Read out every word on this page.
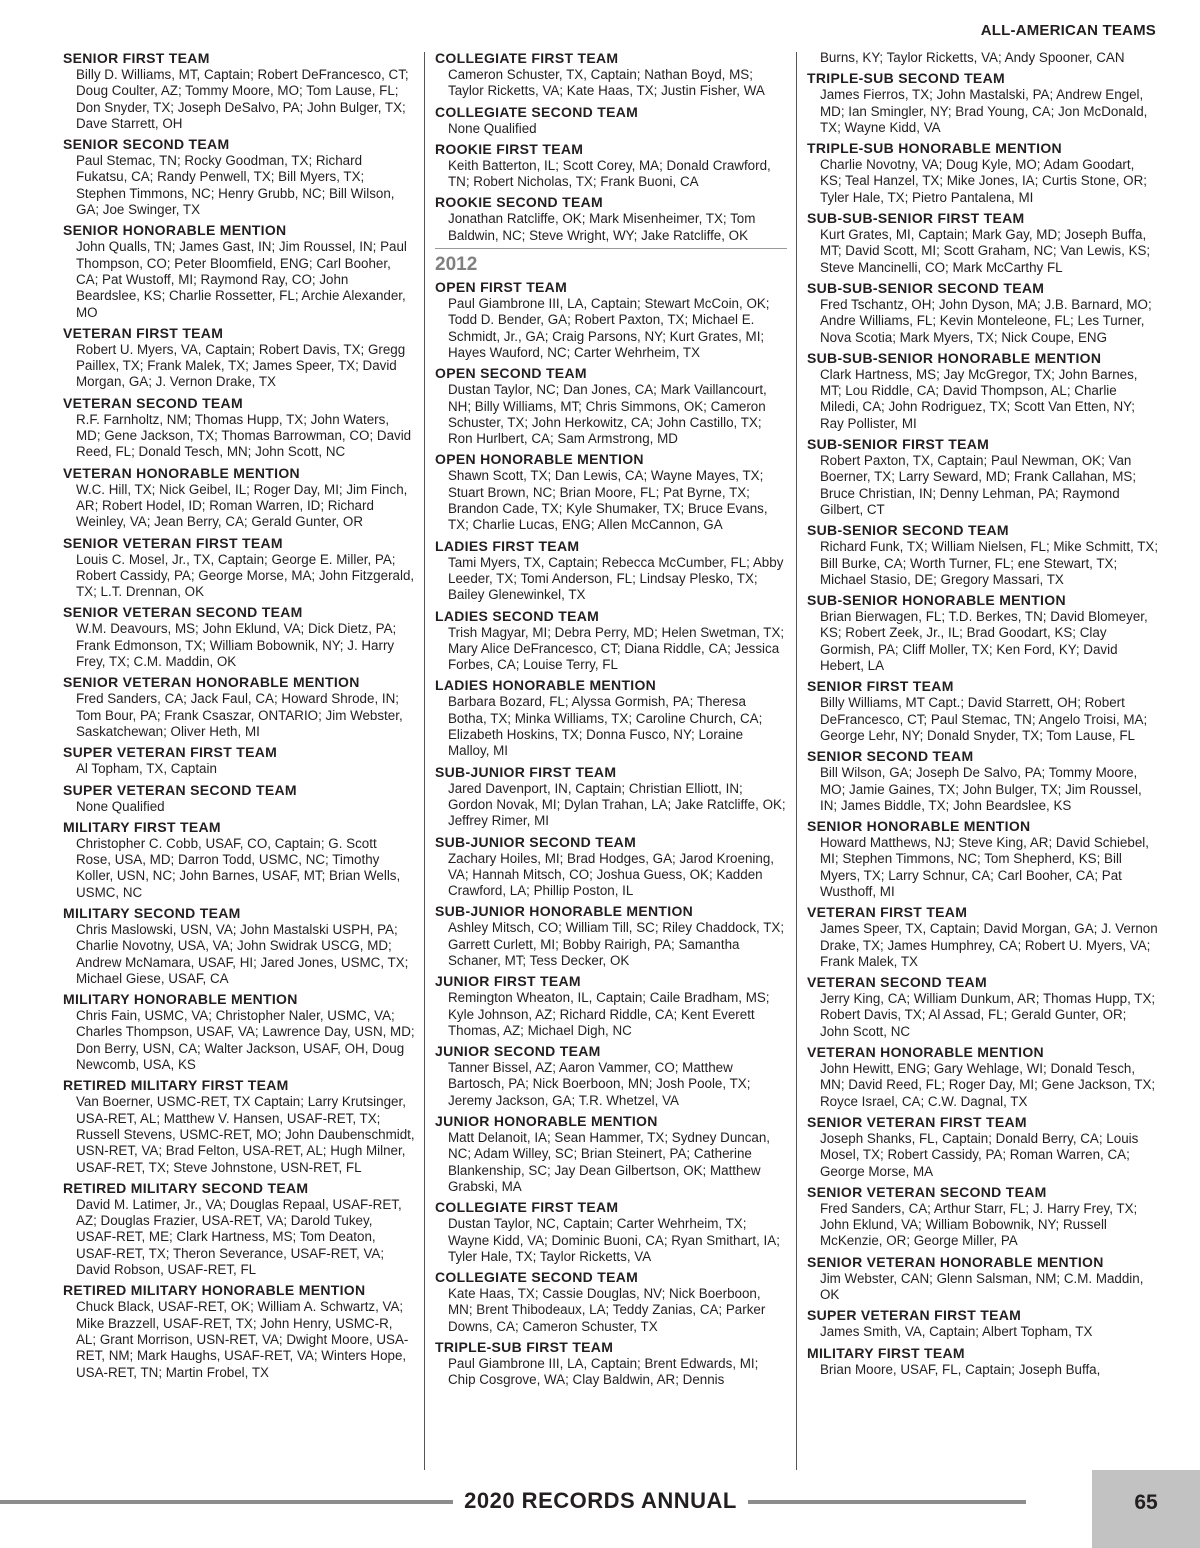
ALL-AMERICAN TEAMS
SENIOR FIRST TEAM
Billy D. Williams, MT, Captain; Robert DeFrancesco, CT; Doug Coulter, AZ; Tommy Moore, MO; Tom Lause, FL; Don Snyder, TX; Joseph DeSalvo, PA; John Bulger, TX; Dave Starrett, OH
SENIOR SECOND TEAM
Paul Stemac, TN; Rocky Goodman, TX; Richard Fukatsu, CA; Randy Penwell, TX; Bill Myers, TX; Stephen Timmons, NC; Henry Grubb, NC; Bill Wilson, GA; Joe Swinger, TX
SENIOR HONORABLE MENTION
John Qualls, TN; James Gast, IN; Jim Roussel, IN; Paul Thompson, CO; Peter Bloomfield, ENG; Carl Booher, CA; Pat Wustoff, MI; Raymond Ray, CO; John Beardslee, KS; Charlie Rossetter, FL; Archie Alexander, MO
VETERAN FIRST TEAM
Robert U. Myers, VA, Captain; Robert Davis, TX; Gregg Paillex, TX; Frank Malek, TX; James Speer, TX; David Morgan, GA; J. Vernon Drake, TX
VETERAN SECOND TEAM
R.F. Farnholtz, NM; Thomas Hupp, TX; John Waters, MD; Gene Jackson, TX; Thomas Barrowman, CO; David Reed, FL; Donald Tesch, MN; John Scott, NC
VETERAN HONORABLE MENTION
W.C. Hill, TX; Nick Geibel, IL; Roger Day, MI; Jim Finch, AR; Robert Hodel, ID; Roman Warren, ID; Richard Weinley, VA; Jean Berry, CA; Gerald Gunter, OR
SENIOR VETERAN FIRST TEAM
Louis C. Mosel, Jr., TX, Captain; George E. Miller, PA; Robert Cassidy, PA; George Morse, MA; John Fitzgerald, TX; L.T. Drennan, OK
SENIOR VETERAN SECOND TEAM
W.M. Deavours, MS; John Eklund, VA; Dick Dietz, PA; Frank Edmonson, TX; William Bobownik, NY; J. Harry Frey, TX; C.M. Maddin, OK
SENIOR VETERAN HONORABLE MENTION
Fred Sanders, CA; Jack Faul, CA; Howard Shrode, IN; Tom Bour, PA; Frank Csaszar, ONTARIO; Jim Webster, Saskatchewan; Oliver Heth, MI
SUPER VETERAN FIRST TEAM
Al Topham, TX, Captain
SUPER VETERAN SECOND TEAM
None Qualified
MILITARY FIRST TEAM
Christopher C. Cobb, USAF, CO, Captain; G. Scott Rose, USA, MD; Darron Todd, USMC, NC; Timothy Koller, USN, NC; John Barnes, USAF, MT; Brian Wells, USMC, NC
MILITARY SECOND TEAM
Chris Maslowski, USN, VA; John Mastalski USPH, PA; Charlie Novotny, USA, VA; John Swidrak USCG, MD; Andrew McNamara, USAF, HI; Jared Jones, USMC, TX; Michael Giese, USAF, CA
MILITARY HONORABLE MENTION
Chris Fain, USMC, VA; Christopher Naler, USMC, VA; Charles Thompson, USAF, VA; Lawrence Day, USN, MD; Don Berry, USN, CA; Walter Jackson, USAF, OH, Doug Newcomb, USA, KS
RETIRED MILITARY FIRST TEAM
Van Boerner, USMC-RET, TX Captain; Larry Krutsinger, USA-RET, AL; Matthew V. Hansen, USAF-RET, TX; Russell Stevens, USMC-RET, MO; John Daubenschmidt, USN-RET, VA; Brad Felton, USA-RET, AL; Hugh Milner, USAF-RET, TX; Steve Johnstone, USN-RET, FL
RETIRED MILITARY SECOND TEAM
David M. Latimer, Jr., VA; Douglas Repaal, USAF-RET, AZ; Douglas Frazier, USA-RET, VA; Darold Tukey, USAF-RET, ME; Clark Hartness, MS; Tom Deaton, USAF-RET, TX; Theron Severance, USAF-RET, VA; David Robson, USAF-RET, FL
RETIRED MILITARY HONORABLE MENTION
Chuck Black, USAF-RET, OK; William A. Schwartz, VA; Mike Brazzell, USAF-RET, TX; John Henry, USMC-R, AL; Grant Morrison, USN-RET, VA; Dwight Moore, USA-RET, NM; Mark Haughs, USAF-RET, VA; Winters Hope, USA-RET, TN; Martin Frobel, TX
COLLEGIATE FIRST TEAM
Cameron Schuster, TX, Captain; Nathan Boyd, MS; Taylor Ricketts, VA; Kate Haas, TX; Justin Fisher, WA
COLLEGIATE SECOND TEAM
None Qualified
ROOKIE FIRST TEAM
Keith Batterton, IL; Scott Corey, MA; Donald Crawford, TN; Robert Nicholas, TX; Frank Buoni, CA
ROOKIE SECOND TEAM
Jonathan Ratcliffe, OK; Mark Misenheimer, TX; Tom Baldwin, NC; Steve Wright, WY; Jake Ratcliffe, OK
2012
OPEN FIRST TEAM
Paul Giambrone III, LA, Captain; Stewart McCoin, OK; Todd D. Bender, GA; Robert Paxton, TX; Michael E. Schmidt, Jr., GA; Craig Parsons, NY; Kurt Grates, MI; Hayes Wauford, NC; Carter Wehrheim, TX
OPEN SECOND TEAM
Dustan Taylor, NC; Dan Jones, CA; Mark Vaillancourt, NH; Billy Williams, MT; Chris Simmons, OK; Cameron Schuster, TX; John Herkowitz, CA; John Castillo, TX; Ron Hurlbert, CA; Sam Armstrong, MD
OPEN HONORABLE MENTION
Shawn Scott, TX; Dan Lewis, CA; Wayne Mayes, TX; Stuart Brown, NC; Brian Moore, FL; Pat Byrne, TX; Brandon Cade, TX; Kyle Shumaker, TX; Bruce Evans, TX; Charlie Lucas, ENG; Allen McCannon, GA
LADIES FIRST TEAM
Tami Myers, TX, Captain; Rebecca McCumber, FL; Abby Leeder, TX; Tomi Anderson, FL; Lindsay Plesko, TX; Bailey Glenewinkel, TX
LADIES SECOND TEAM
Trish Magyar, MI; Debra Perry, MD; Helen Swetman, TX; Mary Alice DeFrancesco, CT; Diana Riddle, CA; Jessica Forbes, CA; Louise Terry, FL
LADIES HONORABLE MENTION
Barbara Bozard, FL; Alyssa Gormish, PA; Theresa Botha, TX; Minka Williams, TX; Caroline Church, CA; Elizabeth Hoskins, TX; Donna Fusco, NY; Loraine Malloy, MI
SUB-JUNIOR FIRST TEAM
Jared Davenport, IN, Captain; Christian Elliott, IN; Gordon Novak, MI; Dylan Trahan, LA; Jake Ratcliffe, OK; Jeffrey Rimer, MI
SUB-JUNIOR SECOND TEAM
Zachary Hoiles, MI; Brad Hodges, GA; Jarod Kroening, VA; Hannah Mitsch, CO; Joshua Guess, OK; Kadden Crawford, LA; Phillip Poston, IL
SUB-JUNIOR HONORABLE MENTION
Ashley Mitsch, CO; William Till, SC; Riley Chaddock, TX; Garrett Curlett, MI; Bobby Rairigh, PA; Samantha Schaner, MT; Tess Decker, OK
JUNIOR FIRST TEAM
Remington Wheaton, IL, Captain; Caile Bradham, MS; Kyle Johnson, AZ; Richard Riddle, CA; Kent Everett Thomas, AZ; Michael Digh, NC
JUNIOR SECOND TEAM
Tanner Bissel, AZ; Aaron Vammer, CO; Matthew Bartosch, PA; Nick Boerboon, MN; Josh Poole, TX; Jeremy Jackson, GA; T.R. Whetzel, VA
JUNIOR HONORABLE MENTION
Matt Delanoit, IA; Sean Hammer, TX; Sydney Duncan, NC; Adam Willey, SC; Brian Steinert, PA; Catherine Blankenship, SC; Jay Dean Gilbertson, OK; Matthew Grabski, MA
COLLEGIATE FIRST TEAM
Dustan Taylor, NC, Captain; Carter Wehrheim, TX; Wayne Kidd, VA; Dominic Buoni, CA; Ryan Smithart, IA; Tyler Hale, TX; Taylor Ricketts, VA
COLLEGIATE SECOND TEAM
Kate Haas, TX; Cassie Douglas, NV; Nick Boerboon, MN; Brent Thibodeaux, LA; Teddy Zanias, CA; Parker Downs, CA; Cameron Schuster, TX
TRIPLE-SUB FIRST TEAM
Paul Giambrone III, LA, Captain; Brent Edwards, MI; Chip Cosgrove, WA; Clay Baldwin, AR; Dennis
Burns, KY; Taylor Ricketts, VA; Andy Spooner, CAN
TRIPLE-SUB SECOND TEAM
James Fierros, TX; John Mastalski, PA; Andrew Engel, MD; Ian Smingler, NY; Brad Young, CA; Jon McDonald, TX; Wayne Kidd, VA
TRIPLE-SUB HONORABLE MENTION
Charlie Novotny, VA; Doug Kyle, MO; Adam Goodart, KS; Teal Hanzel, TX; Mike Jones, IA; Curtis Stone, OR; Tyler Hale, TX; Pietro Pantalena, MI
SUB-SUB-SENIOR FIRST TEAM
Kurt Grates, MI, Captain; Mark Gay, MD; Joseph Buffa, MT; David Scott, MI; Scott Graham, NC; Van Lewis, KS; Steve Mancinelli, CO; Mark McCarthy FL
SUB-SUB-SENIOR SECOND TEAM
Fred Tschantz, OH; John Dyson, MA; J.B. Barnard, MO; Andre Williams, FL; Kevin Monteleone, FL; Les Turner, Nova Scotia; Mark Myers, TX; Nick Coupe, ENG
SUB-SUB-SENIOR HONORABLE MENTION
Clark Hartness, MS; Jay McGregor, TX; John Barnes, MT; Lou Riddle, CA; David Thompson, AL; Charlie Miledi, CA; John Rodriguez, TX; Scott Van Etten, NY; Ray Pollister, MI
SUB-SENIOR FIRST TEAM
Robert Paxton, TX, Captain; Paul Newman, OK; Van Boerner, TX; Larry Seward, MD; Frank Callahan, MS; Bruce Christian, IN; Denny Lehman, PA; Raymond Gilbert, CT
SUB-SENIOR SECOND TEAM
Richard Funk, TX; William Nielsen, FL; Mike Schmitt, TX; Bill Burke, CA; Worth Turner, FL; ene Stewart, TX; Michael Stasio, DE; Gregory Massari, TX
SUB-SENIOR HONORABLE MENTION
Brian Bierwagen, FL; T.D. Berkes, TN; David Blomeyer, KS; Robert Zeek, Jr., IL; Brad Goodart, KS; Clay Gormish, PA; Cliff Moller, TX; Ken Ford, KY; David Hebert, LA
SENIOR FIRST TEAM
Billy Williams, MT Capt.; David Starrett, OH; Robert DeFrancesco, CT; Paul Stemac, TN; Angelo Troisi, MA; George Lehr, NY; Donald Snyder, TX; Tom Lause, FL
SENIOR SECOND TEAM
Bill Wilson, GA; Joseph De Salvo, PA; Tommy Moore, MO; Jamie Gaines, TX; John Bulger, TX; Jim Roussel, IN; James Biddle, TX; John Beardslee, KS
SENIOR HONORABLE MENTION
Howard Matthews, NJ; Steve King, AR; David Schiebel, MI; Stephen Timmons, NC; Tom Shepherd, KS; Bill Myers, TX; Larry Schnur, CA; Carl Booher, CA; Pat Wusthoff, MI
VETERAN FIRST TEAM
James Speer, TX, Captain; David Morgan, GA; J. Vernon Drake, TX; James Humphrey, CA; Robert U. Myers, VA; Frank Malek, TX
VETERAN SECOND TEAM
Jerry King, CA; William Dunkum, AR; Thomas Hupp, TX; Robert Davis, TX; Al Assad, FL; Gerald Gunter, OR; John Scott, NC
VETERAN HONORABLE MENTION
John Hewitt, ENG; Gary Wehlage, WI; Donald Tesch, MN; David Reed, FL; Roger Day, MI; Gene Jackson, TX; Royce Israel, CA; C.W. Dagnal, TX
SENIOR VETERAN FIRST TEAM
Joseph Shanks, FL, Captain; Donald Berry, CA; Louis Mosel, TX; Robert Cassidy, PA; Roman Warren, CA; George Morse, MA
SENIOR VETERAN SECOND TEAM
Fred Sanders, CA; Arthur Starr, FL; J. Harry Frey, TX; John Eklund, VA; William Bobownik, NY; Russell McKenzie, OR; George Miller, PA
SENIOR VETERAN HONORABLE MENTION
Jim Webster, CAN; Glenn Salsman, NM; C.M. Maddin, OK
SUPER VETERAN FIRST TEAM
James Smith, VA, Captain; Albert Topham, TX
MILITARY FIRST TEAM
Brian Moore, USAF, FL, Captain; Joseph Buffa,
2020 RECORDS ANNUAL	65
